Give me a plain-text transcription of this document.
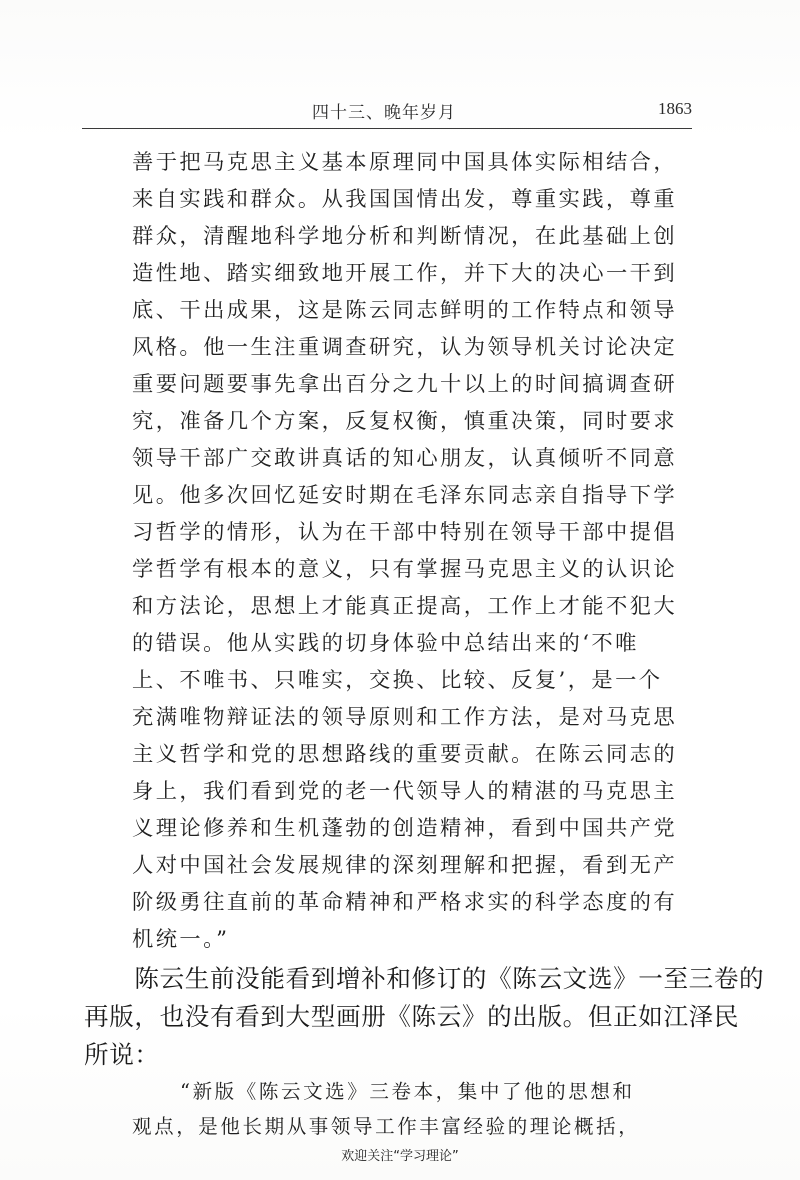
四十三、晚年岁月	1863
善于把马克思主义基本原理同中国具体实际相结合，
来自实践和群众。从我国国情出发，尊重实践，尊重
群众，清醒地科学地分析和判断情况，在此基础上创
造性地、踏实细致地开展工作，并下大的决心一干到
底、干出成果，这是陈云同志鲜明的工作特点和领导
风格。他一生注重调查研究，认为领导机关讨论决定
重要问题要事先拿出百分之九十以上的时间搞调查研
究，准备几个方案，反复权衡，慎重决策，同时要求
领导干部广交敢讲真话的知心朋友，认真倾听不同意
见。他多次回忆延安时期在毛泽东同志亲自指导下学
习哲学的情形，认为在干部中特别在领导干部中提倡
学哲学有根本的意义，只有掌握马克思主义的认识论
和方法论，思想上才能真正提高，工作上才能不犯大
的错误。他从实践的切身体验中总结出来的‘不唯
上、不唯书、只唯实，交换、比较、反复’，是一个
充满唯物辩证法的领导原则和工作方法，是对马克思
主义哲学和党的思想路线的重要贡献。在陈云同志的
身上，我们看到党的老一代领导人的精湛的马克思主
义理论修养和生机蓬勃的创造精神，看到中国共产党
人对中国社会发展规律的深刻理解和把握，看到无产
阶级勇往直前的革命精神和严格求实的科学态度的有
机统一。”
　　陈云生前没能看到增补和修订的《陈云文选》一至三卷的
再版，也没有看到大型画册《陈云》的出版。但正如江泽民
所说：
“新版《陈云文选》三卷本，集中了他的思想和
观点，是他长期从事领导工作丰富经验的理论概括，
欢迎关注“学习理论”
